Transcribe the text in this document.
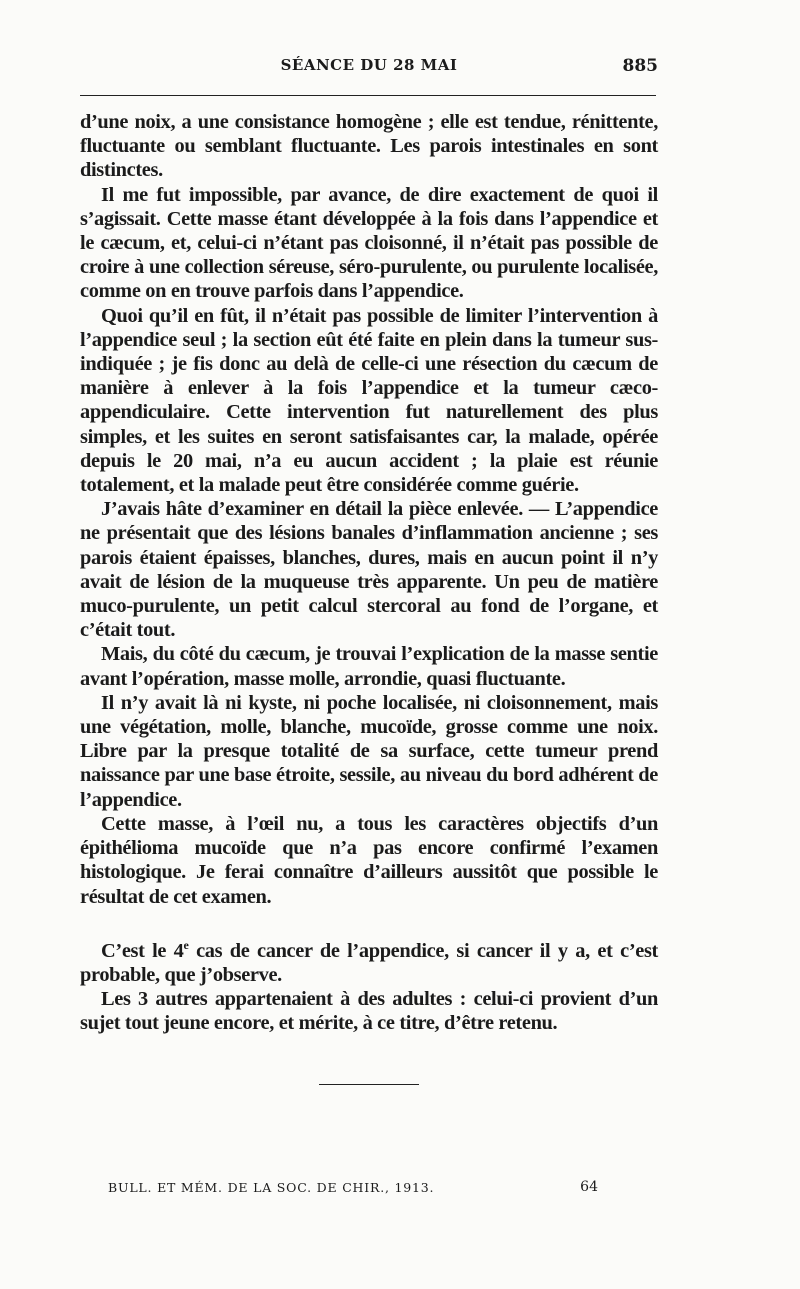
SÉANCE DU 28 MAI	885

d’une noix, a une consistance homogène ; elle est tendue, rénittente, fluctuante ou semblant fluctuante. Les parois intestinales en sont distinctes.

Il me fut impossible, par avance, de dire exactement de quoi il s’agissait. Cette masse étant développée à la fois dans l’appendice et le cæcum, et, celui-ci n’étant pas cloisonné, il n’était pas possible de croire à une collection séreuse, séro-purulente, ou purulente localisée, comme on en trouve parfois dans l’appendice.

Quoi qu’il en fût, il n’était pas possible de limiter l’intervention à l’appendice seul ; la section eût été faite en plein dans la tumeur sus-indiquée ; je fis donc au delà de celle-ci une résection du cæcum de manière à enlever à la fois l’appendice et la tumeur cæco-appendiculaire. Cette intervention fut naturellement des plus simples, et les suites en seront satisfaisantes car, la malade, opérée depuis le 20 mai, n’a eu aucun accident ; la plaie est réunie totalement, et la malade peut être considérée comme guérie.

J’avais hâte d’examiner en détail la pièce enlevée. — L’appendice ne présentait que des lésions banales d’inflammation ancienne ; ses parois étaient épaisses, blanches, dures, mais en aucun point il n’y avait de lésion de la muqueuse très apparente. Un peu de matière muco-purulente, un petit calcul stercoral au fond de l’organe, et c’était tout.

Mais, du côté du cæcum, je trouvai l’explication de la masse sentie avant l’opération, masse molle, arrondie, quasi fluctuante.

Il n’y avait là ni kyste, ni poche localisée, ni cloisonnement, mais une végétation, molle, blanche, mucoïde, grosse comme une noix. Libre par la presque totalité de sa surface, cette tumeur prend naissance par une base étroite, sessile, au niveau du bord adhérent de l’appendice.

Cette masse, à l’œil nu, a tous les caractères objectifs d’un épithélioma mucoïde que n’a pas encore confirmé l’examen histologique. Je ferai connaître d’ailleurs aussitôt que possible le résultat de cet examen.

C’est le 4e cas de cancer de l’appendice, si cancer il y a, et c’est probable, que j’observe.

Les 3 autres appartenaient à des adultes : celui-ci provient d’un sujet tout jeune encore, et mérite, à ce titre, d’être retenu.

BULL. ET MÉM. DE LA SOC. DE CHIR., 1913.	64
